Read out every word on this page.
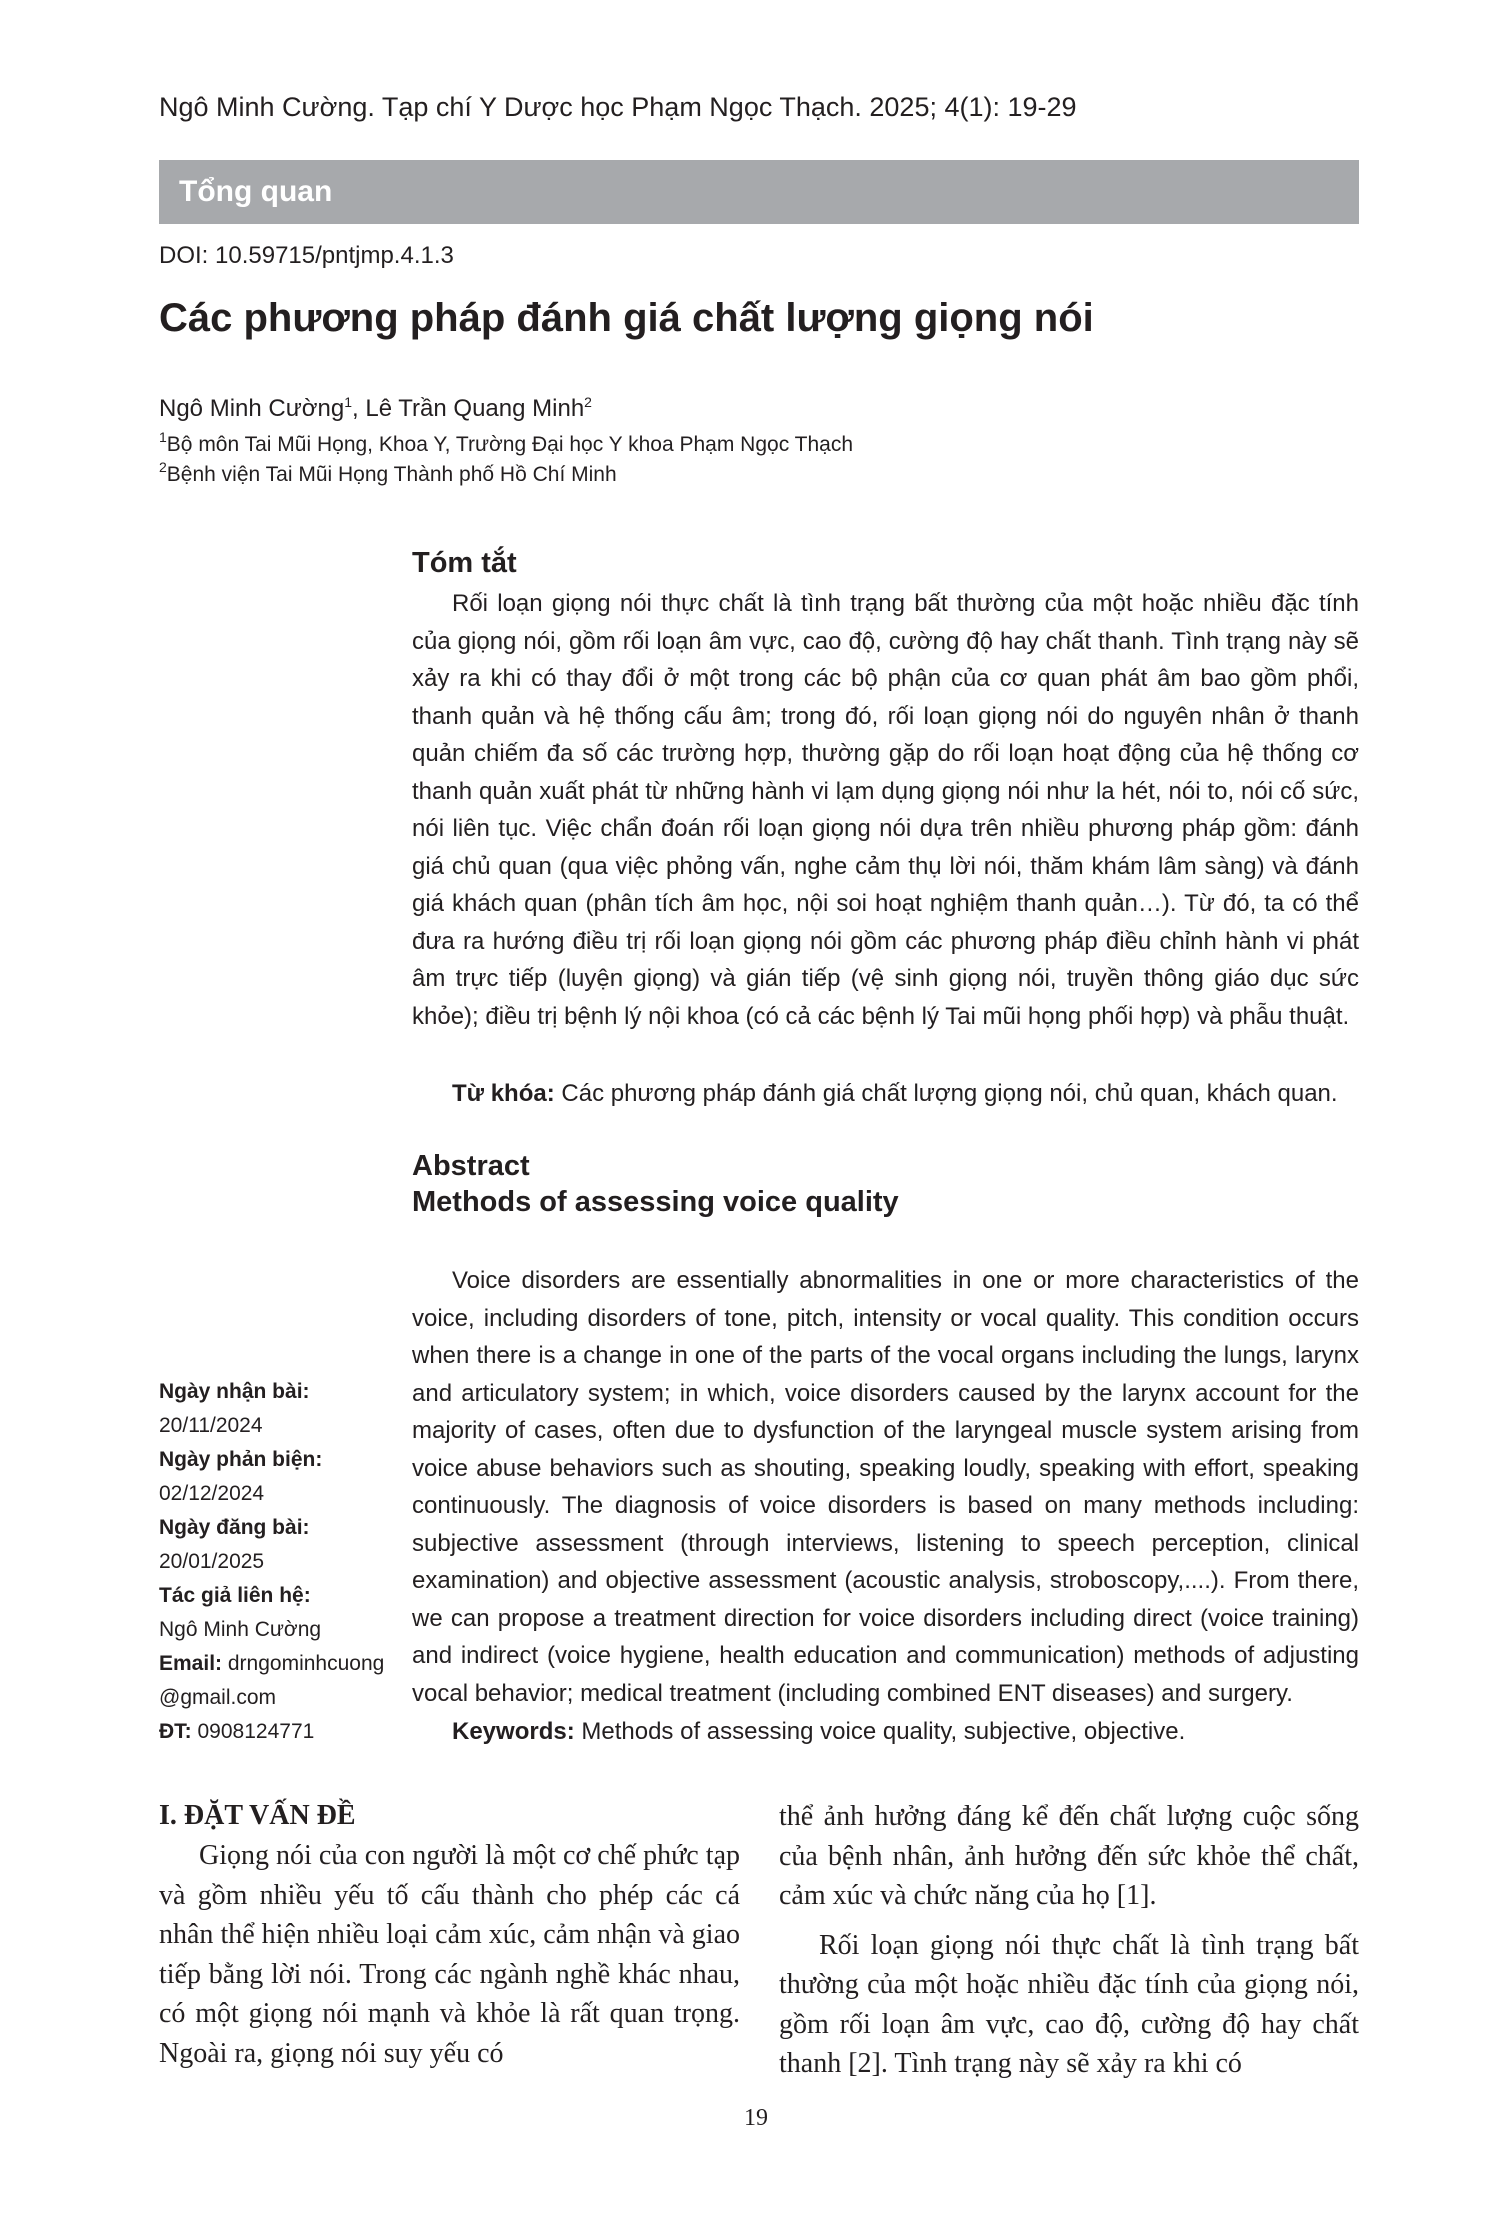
Ngô Minh Cường. Tạp chí Y Dược học Phạm Ngọc Thạch. 2025; 4(1): 19-29
Tổng quan
DOI: 10.59715/pntjmp.4.1.3
Các phương pháp đánh giá chất lượng giọng nói
Ngô Minh Cường$^1$, Lê Trần Quang Minh$^2$
$^1$Bộ môn Tai Mũi Họng, Khoa Y, Trường Đại học Y khoa Phạm Ngọc Thạch
$^2$Bệnh viện Tai Mũi Họng Thành phố Hồ Chí Minh
Tóm tắt

Rối loạn giọng nói thực chất là tình trạng bất thường của một hoặc nhiều đặc tính của giọng nói, gồm rối loạn âm vực, cao độ, cường độ hay chất thanh. Tình trạng này sẽ xảy ra khi có thay đổi ở một trong các bộ phận của cơ quan phát âm bao gồm phổi, thanh quản và hệ thống cấu âm; trong đó, rối loạn giọng nói do nguyên nhân ở thanh quản chiếm đa số các trường hợp, thường gặp do rối loạn hoạt động của hệ thống cơ thanh quản xuất phát từ những hành vi lạm dụng giọng nói như la hét, nói to, nói cố sức, nói liên tục. Việc chẩn đoán rối loạn giọng nói dựa trên nhiều phương pháp gồm: đánh giá chủ quan (qua việc phỏng vấn, nghe cảm thụ lời nói, thăm khám lâm sàng) và đánh giá khách quan (phân tích âm học, nội soi hoạt nghiệm thanh quản…). Từ đó, ta có thể đưa ra hướng điều trị rối loạn giọng nói gồm các phương pháp điều chỉnh hành vi phát âm trực tiếp (luyện giọng) và gián tiếp (vệ sinh giọng nói, truyền thông giáo dục sức khỏe); điều trị bệnh lý nội khoa (có cả các bệnh lý Tai mũi họng phối hợp) và phẫu thuật.

Từ khóa: Các phương pháp đánh giá chất lượng giọng nói, chủ quan, khách quan.

Abstract
Methods of assessing voice quality

Voice disorders are essentially abnormalities in one or more characteristics of the voice, including disorders of tone, pitch, intensity or vocal quality. This condition occurs when there is a change in one of the parts of the vocal organs including the lungs, larynx and articulatory system; in which, voice disorders caused by the larynx account for the majority of cases, often due to dysfunction of the laryngeal muscle system arising from voice abuse behaviors such as shouting, speaking loudly, speaking with effort, speaking continuously. The diagnosis of voice disorders is based on many methods including: subjective assessment (through interviews, listening to speech perception, clinical examination) and objective assessment (acoustic analysis, stroboscopy,....). From there, we can propose a treatment direction for voice disorders including direct (voice training) and indirect (voice hygiene, health education and communication) methods of adjusting vocal behavior; medical treatment (including combined ENT diseases) and surgery.

Keywords: Methods of assessing voice quality, subjective, objective.

Ngày nhận bài:
20/11/2024
Ngày phản biện:
02/12/2024
Ngày đăng bài:
20/01/2025
Tác giả liên hệ:
Ngô Minh Cường
Email: drngominhcuong
@gmail.com
ĐT: 0908124771
I. ĐẶT VẤN ĐỀ

Giọng nói của con người là một cơ chế phức tạp và gồm nhiều yếu tố cấu thành cho phép các cá nhân thể hiện nhiều loại cảm xúc, cảm nhận và giao tiếp bằng lời nói. Trong các ngành nghề khác nhau, có một giọng nói mạnh và khỏe là rất quan trọng. Ngoài ra, giọng nói suy yếu có

thể ảnh hưởng đáng kể đến chất lượng cuộc sống của bệnh nhân, ảnh hưởng đến sức khỏe thể chất, cảm xúc và chức năng của họ [1].

Rối loạn giọng nói thực chất là tình trạng bất thường của một hoặc nhiều đặc tính của giọng nói, gồm rối loạn âm vực, cao độ, cường độ hay chất thanh [2]. Tình trạng này sẽ xảy ra khi có

19
